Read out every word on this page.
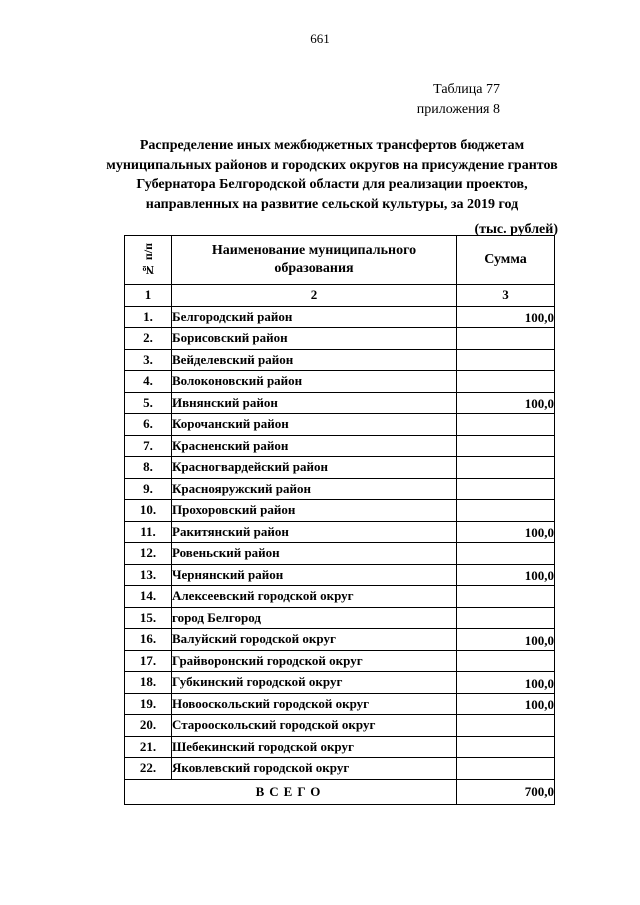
661
Таблица 77
приложения 8
Распределение иных межбюджетных трансфертов бюджетам
муниципальных районов и городских округов на присуждение грантов
Губернатора Белгородской области для реализации проектов,
направленных на развитие сельской культуры, за 2019 год
(тыс. рублей)
№ п/п	Наименование муниципального
образования	Сумма
1	2	3
1.	Белгородский район	100,0
2.	Борисовский район	
3.	Вейделевский район	
4.	Волоконовский район	
5.	Ивнянский район	100,0
6.	Корочанский район	
7.	Красненский район	
8.	Красногвардейский район	
9.	Краснояружский район	
10.	Прохоровский район	
11.	Ракитянский район	100,0
12.	Ровеньский район	
13.	Чернянский район	100,0
14.	Алексеевский городской округ	
15.	город Белгород	
16.	Валуйский городской округ	100,0
17.	Грайворонский городской округ	
18.	Губкинский городской округ	100,0
19.	Новооскольский городской округ	100,0
20.	Старооскольский городской округ	
21.	Шебекинский городской округ	
22.	Яковлевский городской округ	
ВСЕГО		700,0
